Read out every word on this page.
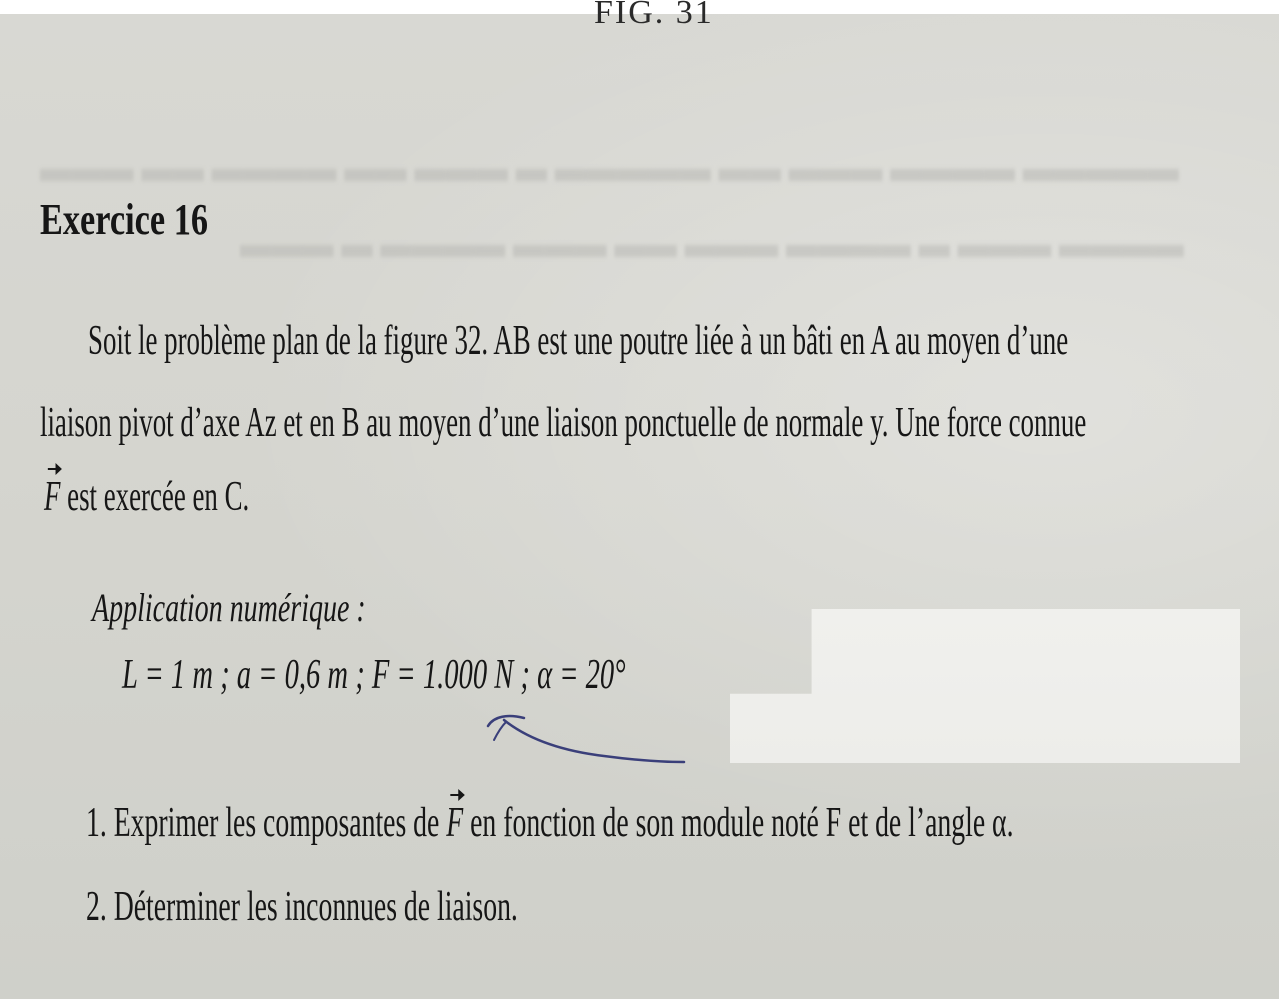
▬▬▬ ▬▬ ▬▬▬▬ ▬▬ ▬▬▬ ▬ ▬▬▬▬▬ ▬▬ ▬▬▬ ▬▬▬▬ ▬▬▬▬▬
▬▬▬ ▬ ▬▬▬▬ ▬▬▬ ▬▬ ▬▬▬ ▬▬▬▬ ▬ ▬▬▬ ▬▬▬▬
FIG. 31
Exercice 16
Soit le problème plan de la figure 32. AB est une poutre liée à un bâti en A au moyen d’une
liaison pivot d’axe Az et en B au moyen d’une liaison ponctuelle de normale y. Une force connue
F est exercée en C.
Application numérique :
L = 1 m ; a = 0,6 m ; F = 1.000 N ; α = 20°
1. Exprimer les composantes de F en fonction de son module noté F et de l’angle α.
2. Déterminer les inconnues de liaison.
